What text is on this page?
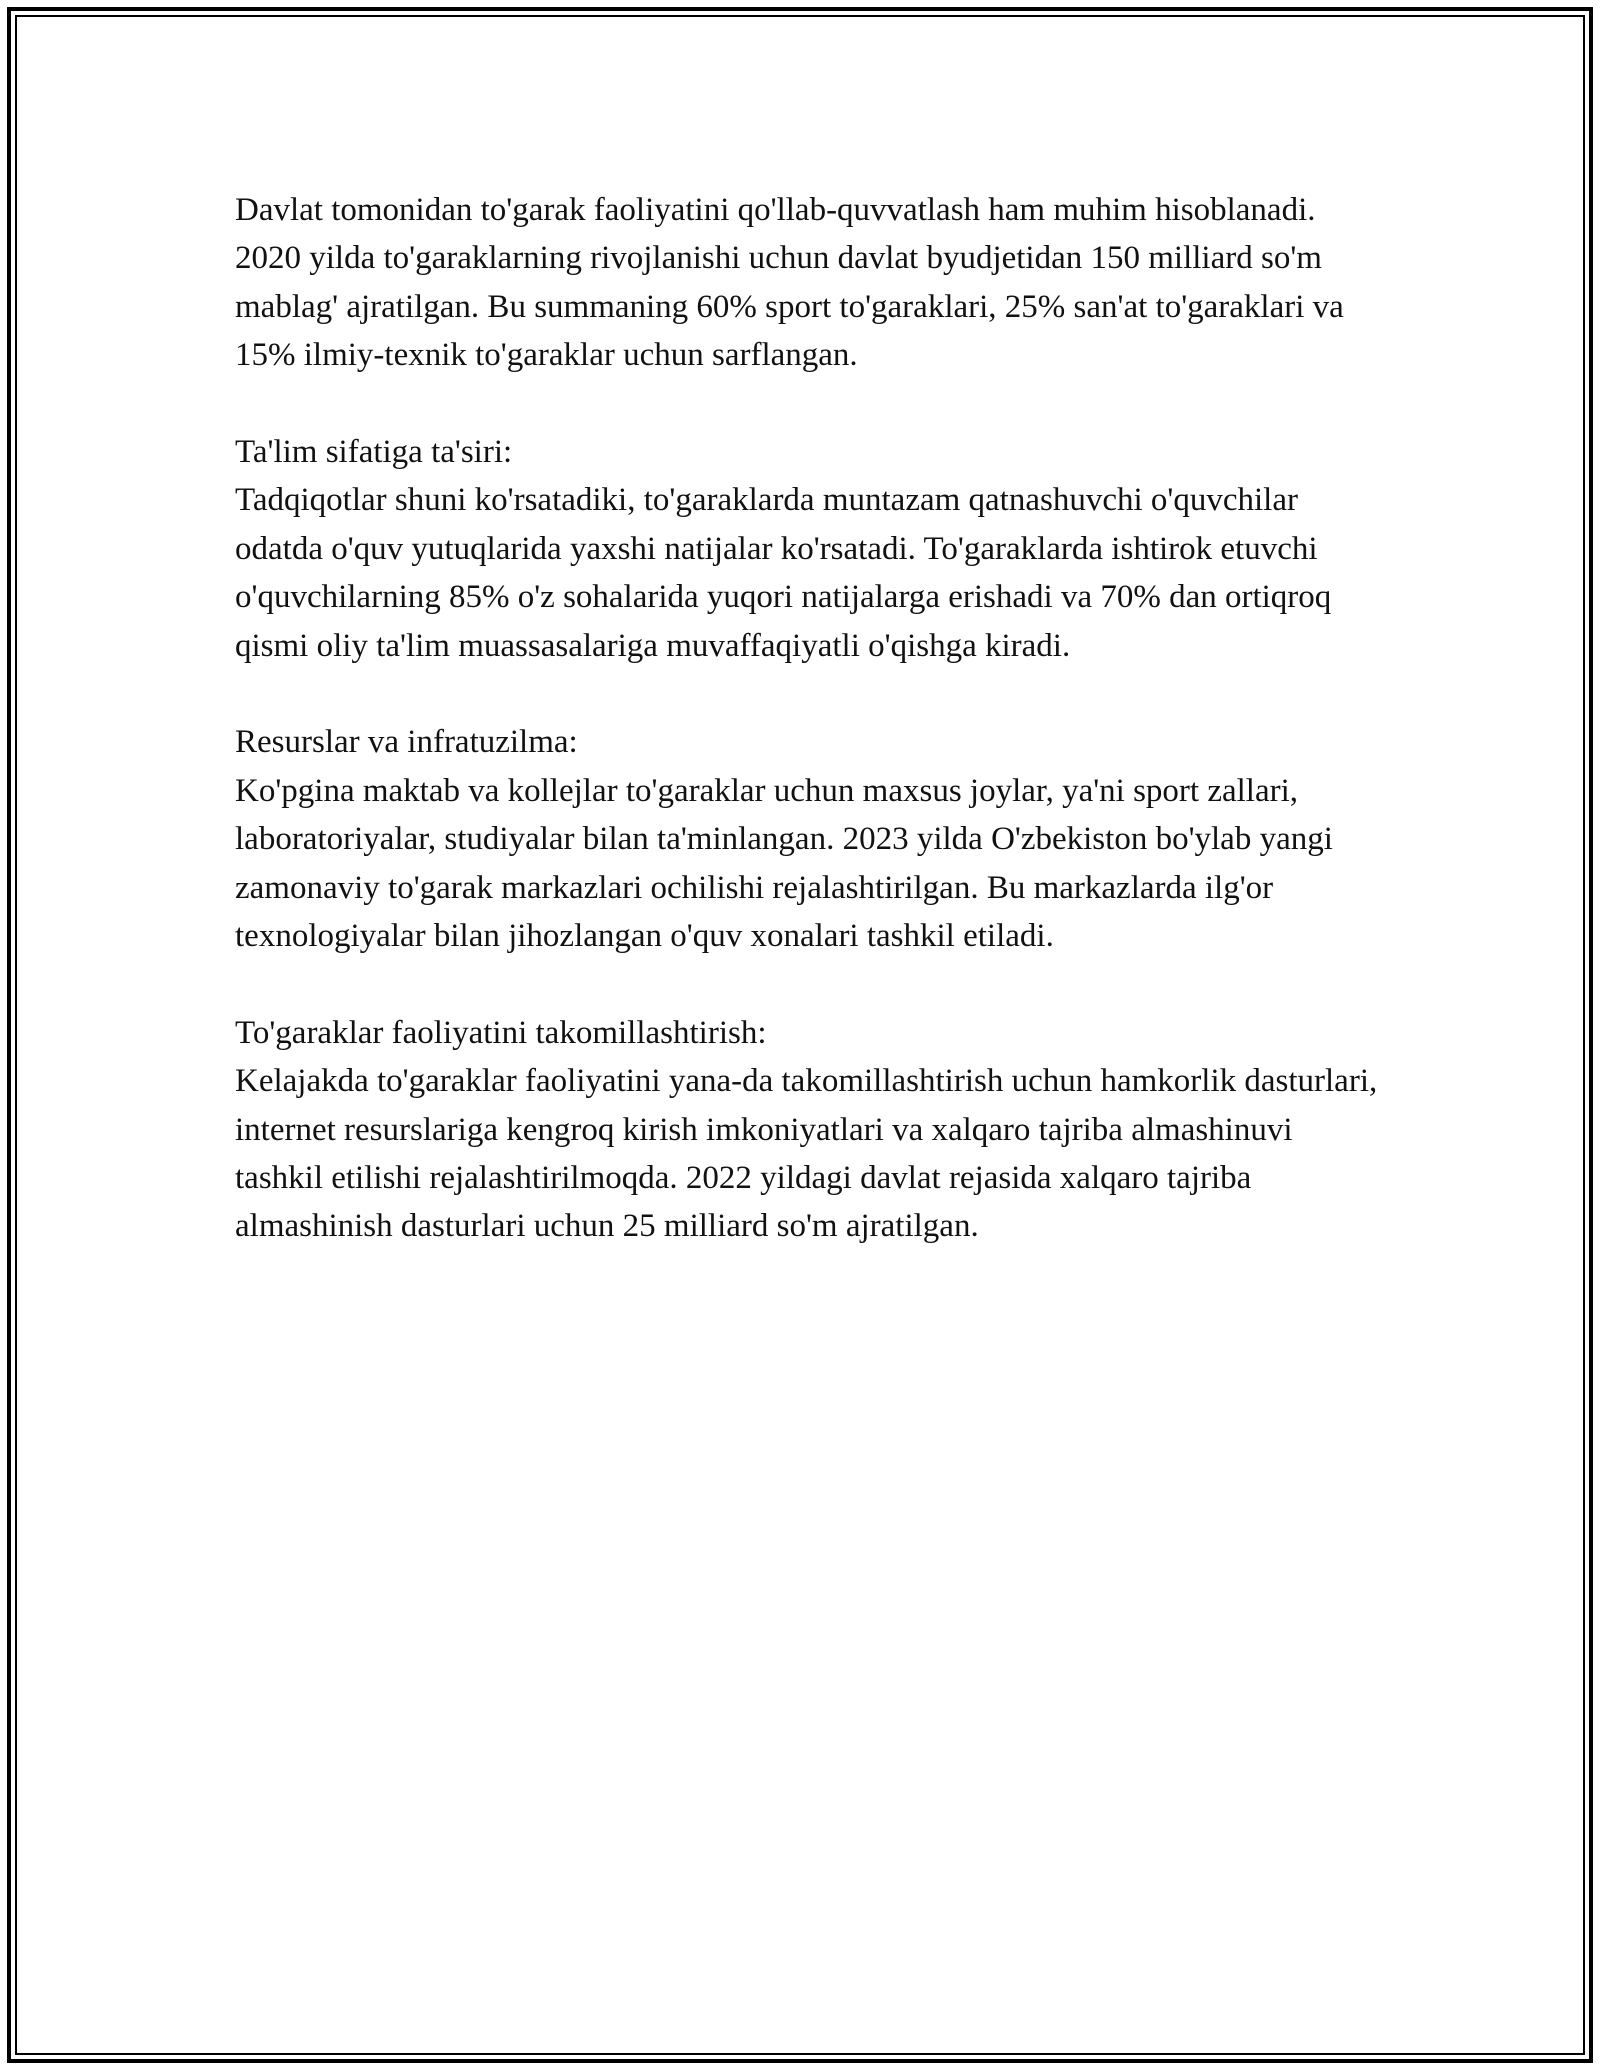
Davlat tomonidan to'garak faoliyatini qo'llab-quvvatlash ham muhim hisoblanadi. 2020 yilda to'garaklarning rivojlanishi uchun davlat byudjetidan 150 milliard so'm mablag' ajratilgan. Bu summaning 60% sport to'garaklari, 25% san'at to'garaklari va 15% ilmiy-texnik to'garaklar uchun sarflangan.

Ta'lim sifatiga ta'siri:

Tadqiqotlar shuni ko'rsatadiki, to'garaklarda muntazam qatnashuvchi o'quvchilar odatda o'quv yutuqlarida yaxshi natijalar ko'rsatadi. To'garaklarda ishtirok etuvchi o'quvchilarning 85% o'z sohalarida yuqori natijalarga erishadi va 70% dan ortiqroq qismi oliy ta'lim muassasalariga muvaffaqiyatli o'qishga kiradi.

Resurslar va infratuzilma:

Ko'pgina maktab va kollejlar to'garaklar uchun maxsus joylar, ya'ni sport zallari, laboratoriyalar, studiyalar bilan ta'minlangan. 2023 yilda O'zbekiston bo'ylab yangi zamonaviy to'garak markazlari ochilishi rejalashtirilgan. Bu markazlarda ilg'or texnologiyalar bilan jihozlangan o'quv xonalari tashkil etiladi.

To'garaklar faoliyatini takomillashtirish:

Kelajakda to'garaklar faoliyatini yana-da takomillashtirish uchun hamkorlik dasturlari, internet resurslariga kengroq kirish imkoniyatlari va xalqaro tajriba almashinuvi tashkil etilishi rejalashtirilmoqda. 2022 yildagi davlat rejasida xalqaro tajriba almashinish dasturlari uchun 25 milliard so'm ajratilgan.
